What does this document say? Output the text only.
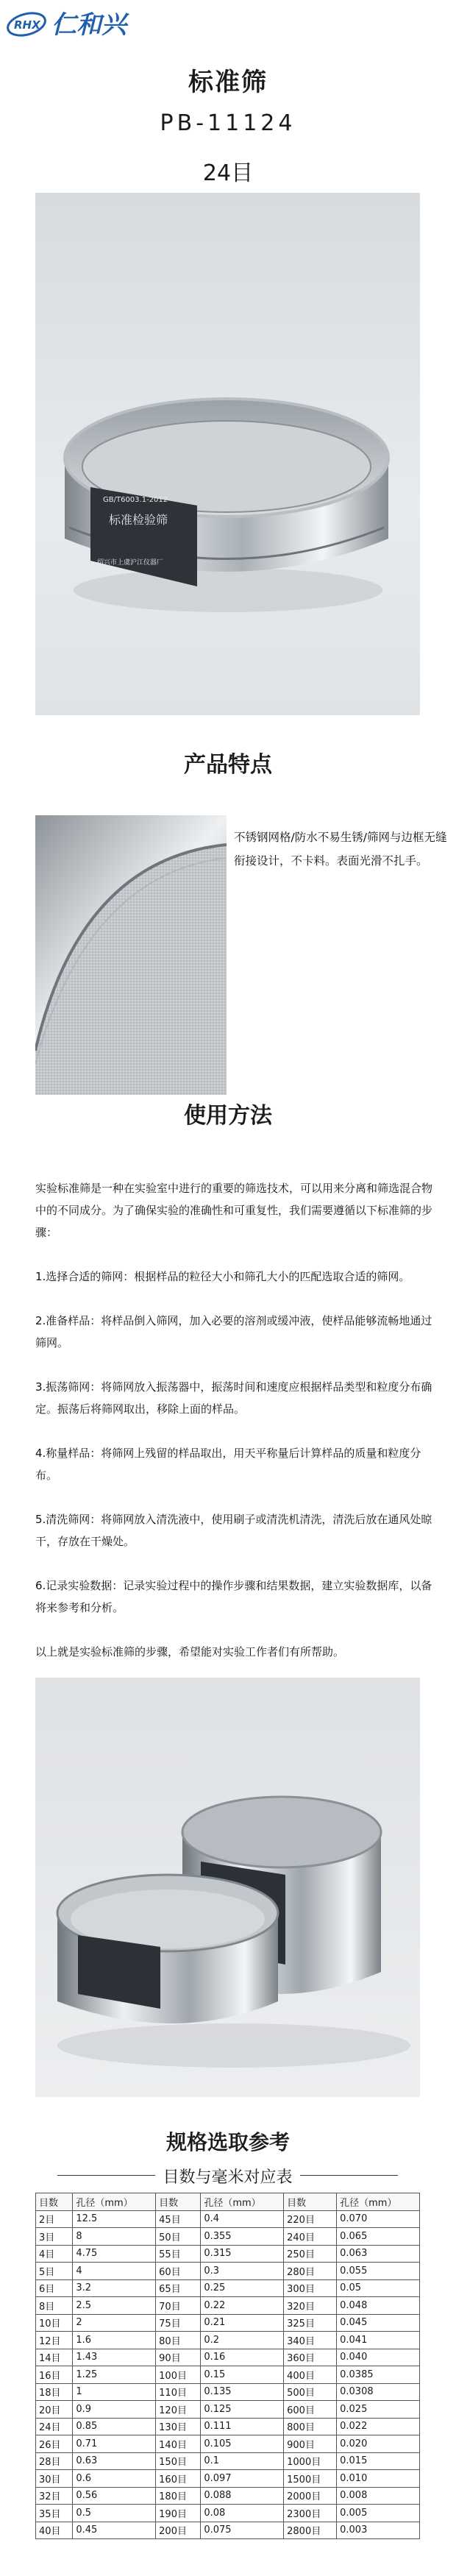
RHX 仁和兴
标准筛
PB-11124
24目
GB/T6003.1-2012
标准检验筛
绍兴市上虞沪江仪器厂
产品特点
不锈钢网格/防水不易生锈/筛网与边框无缝衔接设计，不卡料。表面光滑不扎手。
使用方法

实验标准筛是一种在实验室中进行的重要的筛选技术，可以用来分离和筛选混合物中的不同成分。为了确保实验的准确性和可重复性，我们需要遵循以下标准筛的步骤：

1.选择合适的筛网：根据样品的粒径大小和筛孔大小的匹配选取合适的筛网。

2.准备样品：将样品倒入筛网，加入必要的溶剂或缓冲液，使样品能够流畅地通过筛网。

3.振荡筛网：将筛网放入振荡器中，振荡时间和速度应根据样品类型和粒度分布确定。振荡后将筛网取出，移除上面的样品。

4.称量样品：将筛网上残留的样品取出，用天平称量后计算样品的质量和粒度分布。

5.清洗筛网：将筛网放入清洗液中，使用刷子或清洗机清洗，清洗后放在通风处晾干，存放在干燥处。

6.记录实验数据：记录实验过程中的操作步骤和结果数据，建立实验数据库，以备将来参考和分析。

以上就是实验标准筛的步骤，希望能对实验工作者们有所帮助。

规格选取参考
目数与毫米对应表
目数	孔径（mm）	目数	孔径（mm）	目数	孔径（mm）
2目	12.5	45目	0.4	220目	0.070
3目	8	50目	0.355	240目	0.065
4目	4.75	55目	0.315	250目	0.063
5目	4	60目	0.3	280目	0.055
6目	3.2	65目	0.25	300目	0.05
8目	2.5	70目	0.22	320目	0.048
10目	2	75目	0.21	325目	0.045
12目	1.6	80目	0.2	340目	0.041
14目	1.43	90目	0.16	360目	0.040
16目	1.25	100目	0.15	400目	0.0385
18目	1	110目	0.135	500目	0.0308
20目	0.9	120目	0.125	600目	0.025
24目	0.85	130目	0.111	800目	0.022
26目	0.71	140目	0.105	900目	0.020
28目	0.63	150目	0.1	1000目	0.015
30目	0.6	160目	0.097	1500目	0.010
32目	0.56	180目	0.088	2000目	0.008
35目	0.5	190目	0.08	2300目	0.005
40目	0.45	200目	0.075	2800目	0.003
